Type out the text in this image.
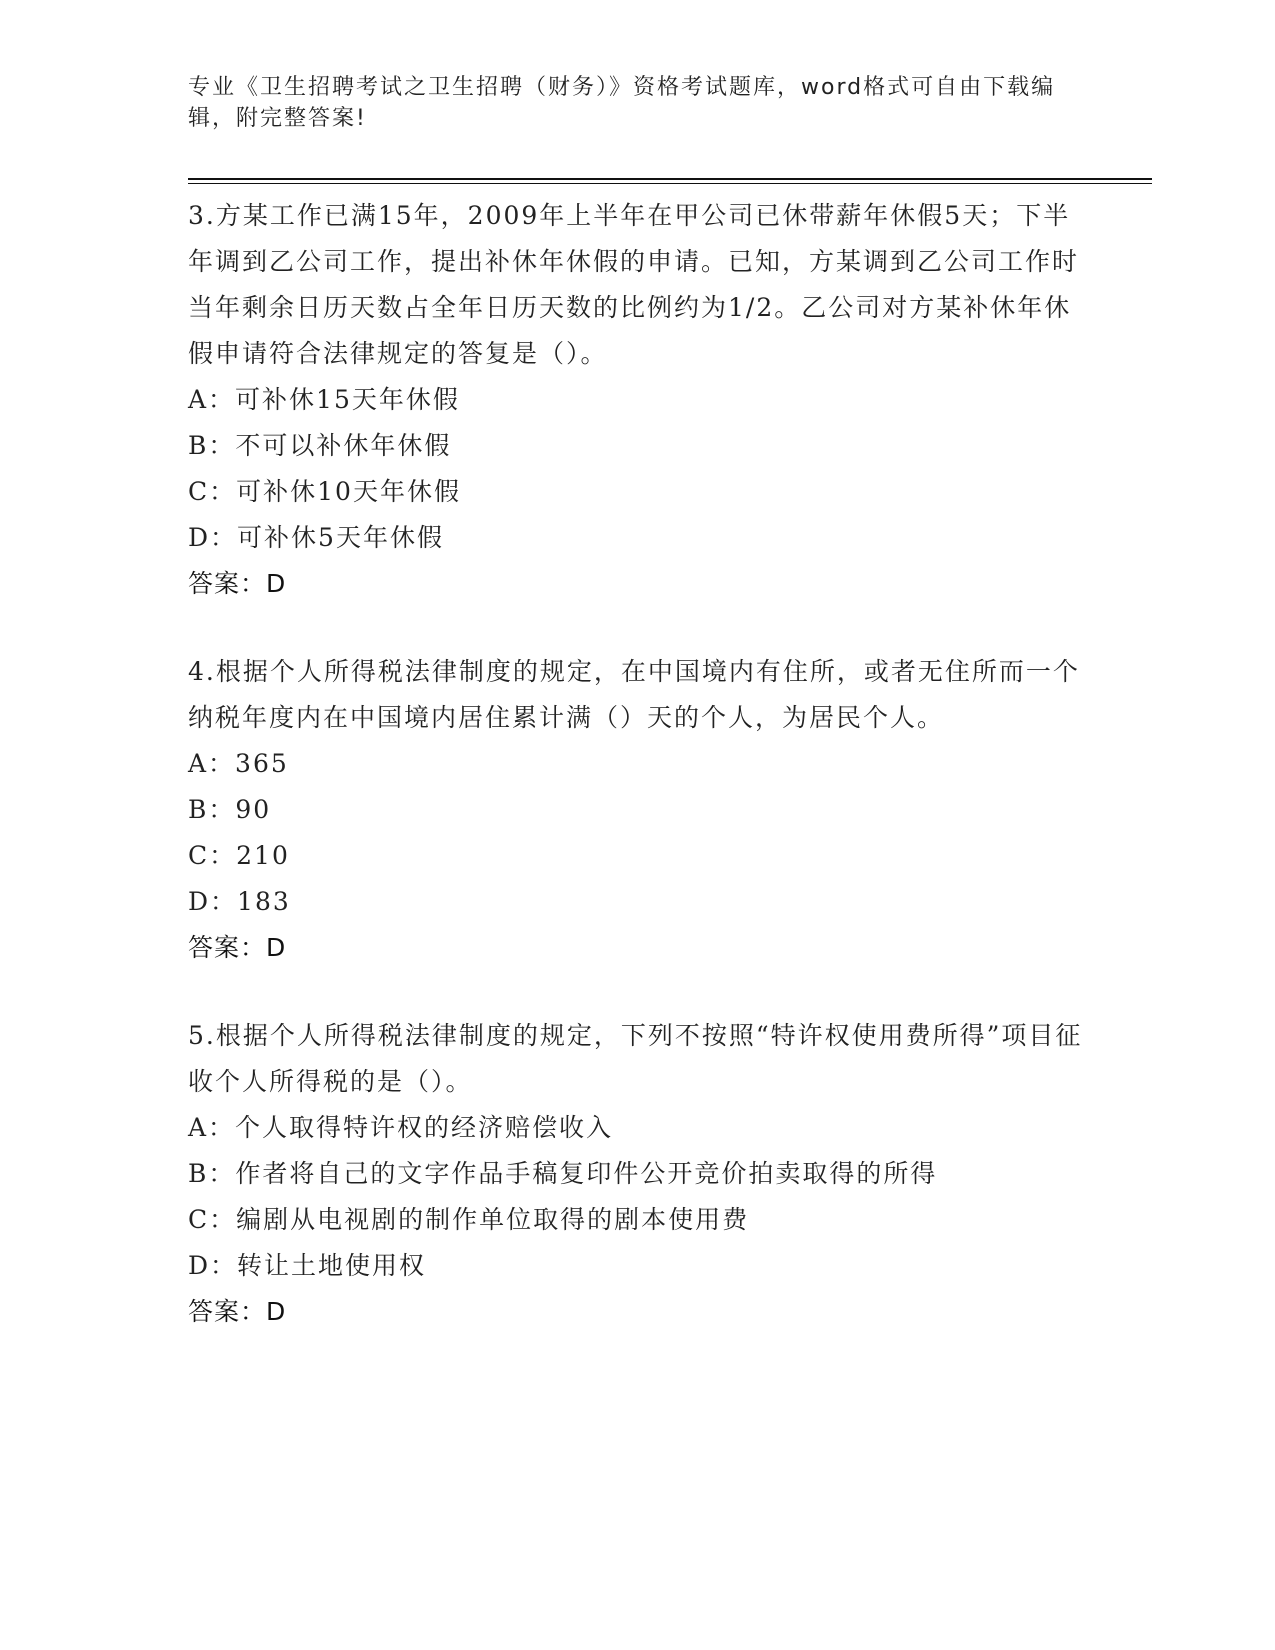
专业《卫生招聘考试之卫生招聘（财务）》资格考试题库，word格式可自由下载编辑，附完整答案!

3.方某工作已满15年，2009年上半年在甲公司已休带薪年休假5天；下半年调到乙公司工作，提出补休年休假的申请。已知，方某调到乙公司工作时当年剩余日历天数占全年日历天数的比例约为1/2。乙公司对方某补休年休假申请符合法律规定的答复是（）。

A：可补休15天年休假

B：不可以补休年休假

C：可补休10天年休假

D：可补休5天年休假

答案：D

4.根据个人所得税法律制度的规定，在中国境内有住所，或者无住所而一个纳税年度内在中国境内居住累计满（）天的个人，为居民个人。

A：365

B：90

C：210

D：183

答案：D

5.根据个人所得税法律制度的规定，下列不按照“特许权使用费所得”项目征收个人所得税的是（）。

A：个人取得特许权的经济赔偿收入

B：作者将自己的文字作品手稿复印件公开竞价拍卖取得的所得

C：编剧从电视剧的制作单位取得的剧本使用费

D：转让土地使用权

答案：D
